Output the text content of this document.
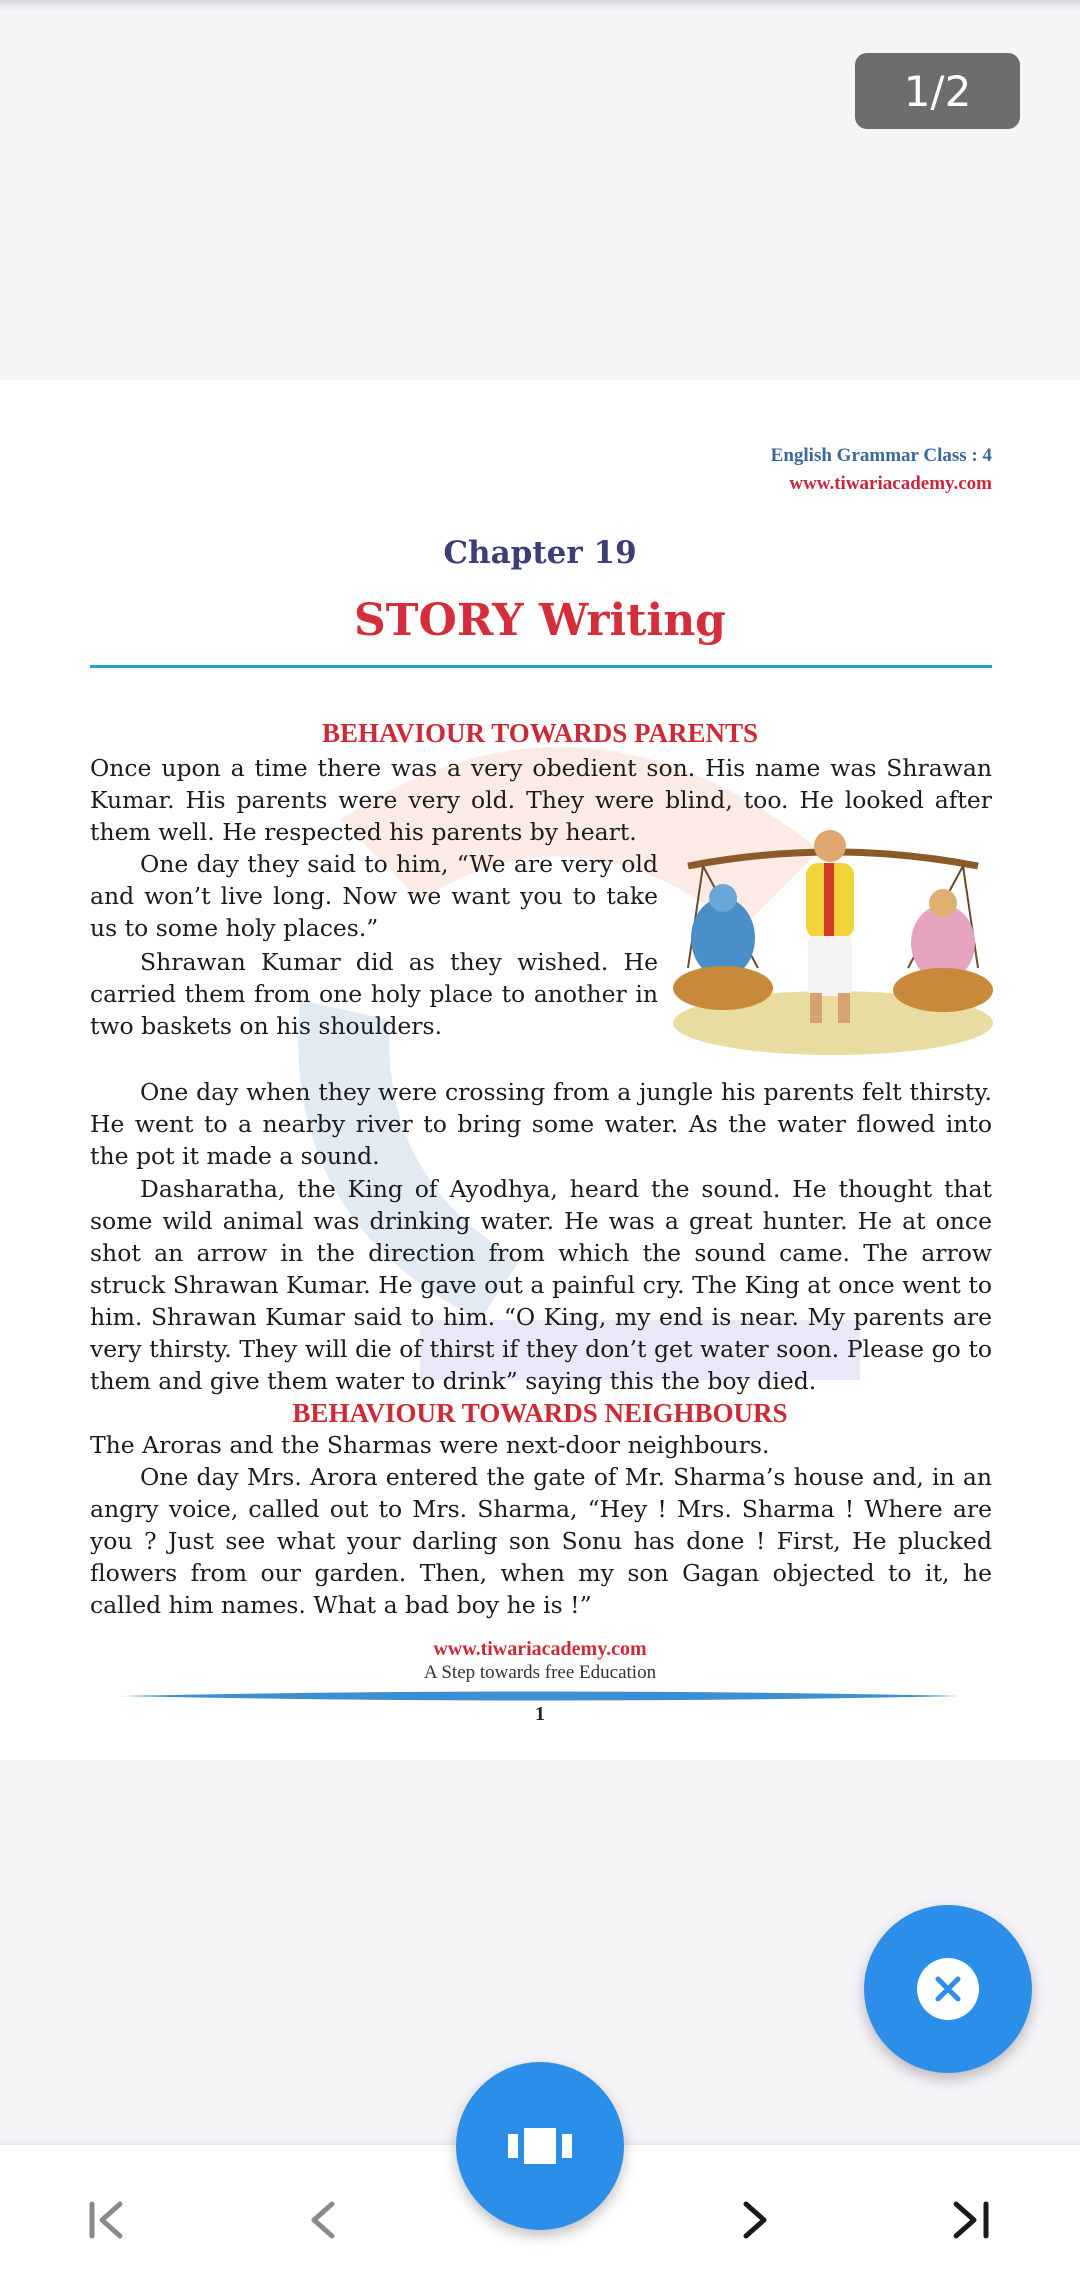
1/2
English Grammar Class : 4
www.tiwariacademy.com
Chapter 19
STORY Writing
BEHAVIOUR TOWARDS PARENTS

Once upon a time there was a very obedient son. His name was Shrawan Kumar. His parents were very old. They were blind, too. He looked after them well. He respected his parents by heart.

One day they said to him, “We are very old and won’t live long. Now we want you to take us to some holy places.”

Shrawan Kumar did as they wished. He carried them from one holy place to another in two baskets on his shoulders.

One day when they were crossing from a jungle his parents felt thirsty. He went to a nearby river to bring some water. As the water flowed into the pot it made a sound.

Dasharatha, the King of Ayodhya, heard the sound. He thought that some wild animal was drinking water. He was a great hunter. He at once shot an arrow in the direction from which the sound came. The arrow struck Shrawan Kumar. He gave out a painful cry. The King at once went to him. Shrawan Kumar said to him. “O King, my end is near. My parents are very thirsty. They will die of thirst if they don’t get water soon. Please go to them and give them water to drink” saying this the boy died.

BEHAVIOUR TOWARDS NEIGHBOURS

The Aroras and the Sharmas were next-door neighbours.

One day Mrs. Arora entered the gate of Mr. Sharma’s house and, in an angry voice, called out to Mrs. Sharma, “Hey ! Mrs. Sharma ! Where are you ? Just see what your darling son Sonu has done ! First, He plucked flowers from our garden. Then, when my son Gagan objected to it, he called him names. What a bad boy he is !”

www.tiwariacademy.com
A Step towards free Education
1
